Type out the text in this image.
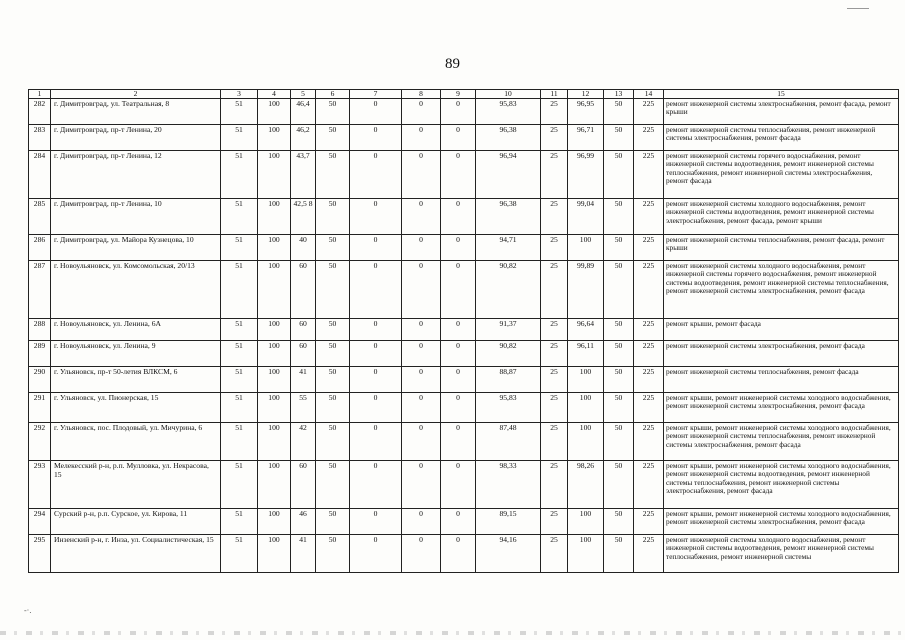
89
1	2	3	4	5	6	7	8	9	10	11	12	13	14	15
282	г. Димитровград, ул. Театральная, 8	51	100	46,4	50	0	0	0	95,83	25	96,95	50	225	ремонт инженерной системы электроснабжения, ремонт фасада, ремонт крыши
283	г. Димитровград, пр-т Ленина, 20	51	100	46,2	50	0	0	0	96,38	25	96,71	50	225	ремонт инженерной системы теплоснабжения, ремонт инженерной системы электроснабжения, ремонт фасада
284	г. Димитровград, пр-т Ленина, 12	51	100	43,7	50	0	0	0	96,94	25	96,99	50	225	ремонт инженерной системы горячего водоснабжения, ремонт инженерной системы водоотведения, ремонт инженерной системы теплоснабжения, ремонт инженерной системы электроснабжения, ремонт фасада
285	г. Димитровград, пр-т Ленина, 10	51	100	42,5 8	50	0	0	0	96,38	25	99,04	50	225	ремонт инженерной системы холодного водоснабжения, ремонт инженерной системы водоотведения, ремонт инженерной системы электроснабжения, ремонт фасада, ремонт крыши
286	г. Димитровград, ул. Майора Кузнецова, 10	51	100	40	50	0	0	0	94,71	25	100	50	225	ремонт инженерной системы теплоснабжения, ремонт фасада, ремонт крыши
287	г. Новоульяновск, ул. Комсомольская, 20/13	51	100	60	50	0	0	0	90,82	25	99,89	50	225	ремонт инженерной системы холодного водоснабжения, ремонт инженерной системы горячего водоснабжения, ремонт инженерной системы водоотведения, ремонт инженерной системы теплоснабжения, ремонт инженерной системы электроснабжения, ремонт фасада
288	г. Новоульяновск, ул. Ленина, 6А	51	100	60	50	0	0	0	91,37	25	96,64	50	225	ремонт крыши, ремонт фасада
289	г. Новоульяновск, ул. Ленина, 9	51	100	60	50	0	0	0	90,82	25	96,11	50	225	ремонт инженерной системы электроснабжения, ремонт фасада
290	г. Ульяновск, пр-т 50-летия ВЛКСМ, 6	51	100	41	50	0	0	0	88,87	25	100	50	225	ремонт инженерной системы теплоснабжения, ремонт фасада
291	г. Ульяновск, ул. Пионерская, 15	51	100	55	50	0	0	0	95,83	25	100	50	225	ремонт крыши, ремонт инженерной системы холодного водоснабжения, ремонт инженерной системы электроснабжения, ремонт фасада
292	г. Ульяновск, пос. Плодовый, ул. Мичурина, 6	51	100	42	50	0	0	0	87,48	25	100	50	225	ремонт крыши, ремонт инженерной системы холодного водоснабжения, ремонт инженерной системы теплоснабжения, ремонт инженерной системы электроснабжения, ремонт фасада
293	Мелекесский р-н, р.п. Мулловка, ул. Некрасова, 15	51	100	60	50	0	0	0	98,33	25	98,26	50	225	ремонт крыши, ремонт инженерной системы холодного водоснабжения, ремонт инженерной системы водоотведения, ремонт инженерной системы теплоснабжения, ремонт инженерной системы электроснабжения, ремонт фасада
294	Сурский р-н, р.п. Сурское, ул. Кирова, 11	51	100	46	50	0	0	0	89,15	25	100	50	225	ремонт крыши, ремонт инженерной системы холодного водоснабжения, ремонт инженерной системы электроснабжения, ремонт фасада
295	Инзенский р-н, г. Инза, ул. Социалистическая, 15	51	100	41	50	0	0	0	94,16	25	100	50	225	ремонт инженерной системы холодного водоснабжения, ремонт инженерной системы водоотведения, ремонт инженерной системы теплоснабжения, ремонт инженерной системы
-·.
